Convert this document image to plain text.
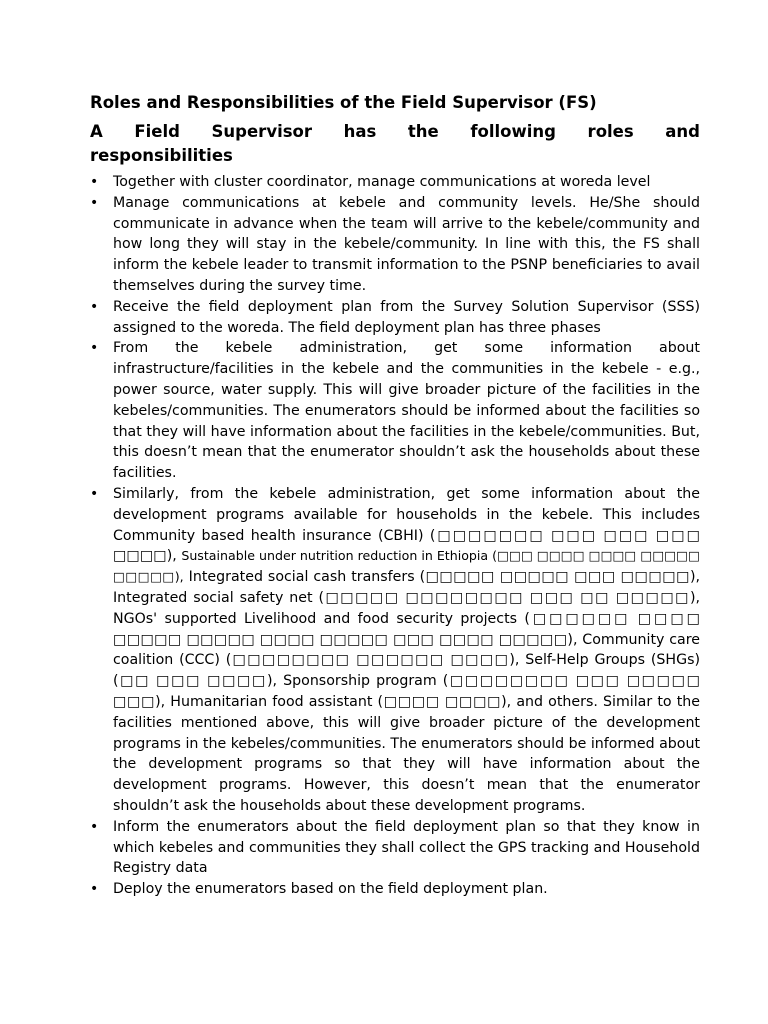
Roles and Responsibilities of the Field Supervisor (FS)
A Field Supervisor has the following roles and
responsibilities
• Together with cluster coordinator, manage communications at woreda level
• Manage communications at kebele and community levels. He/She should communicate in advance when the team will arrive to the kebele/community and how long they will stay in the kebele/community. In line with this, the FS shall inform the kebele leader to transmit information to the PSNP beneficiaries to avail themselves during the survey time.
• Receive the field deployment plan from the Survey Solution Supervisor (SSS) assigned to the woreda. The field deployment plan has three phases
• From the kebele administration, get some information about infrastructure/facilities in the kebele and the communities in the kebele - e.g., power source, water supply. This will give broader picture of the facilities in the kebeles/communities. The enumerators should be informed about the facilities so that they will have information about the facilities in the kebele/communities. But, this doesn’t mean that the enumerator shouldn’t ask the households about these facilities.
• Similarly, from the kebele administration, get some information about the development programs available for households in the kebele. This includes Community based health insurance (CBHI) (□□□□□□□ □□□ □□□ □□□ □□□□), Sustainable under nutrition reduction in Ethiopia (□□□ □□□□ □□□□ □□□□□ □□□□□), Integrated social cash transfers (□□□□□ □□□□□ □□□ □□□□□), Integrated social safety net (□□□□□ □□□□□□□□ □□□ □□ □□□□□), NGOs' supported Livelihood and food security projects (□□□□□□ □□□□ □□□□□ □□□□□ □□□□ □□□□□ □□□ □□□□ □□□□□), Community care coalition (CCC) (□□□□□□□□ □□□□□□ □□□□), Self-Help Groups (SHGs) (□□ □□□ □□□□), Sponsorship program (□□□□□□□□ □□□ □□□□□ □□□), Humanitarian food assistant (□□□□ □□□□), and others. Similar to the facilities mentioned above, this will give broader picture of the development programs in the kebeles/communities. The enumerators should be informed about the development programs so that they will have information about the development programs. However, this doesn’t mean that the enumerator shouldn’t ask the households about these development programs.
• Inform the enumerators about the field deployment plan so that they know in which kebeles and communities they shall collect the GPS tracking and Household Registry data
• Deploy the enumerators based on the field deployment plan.
